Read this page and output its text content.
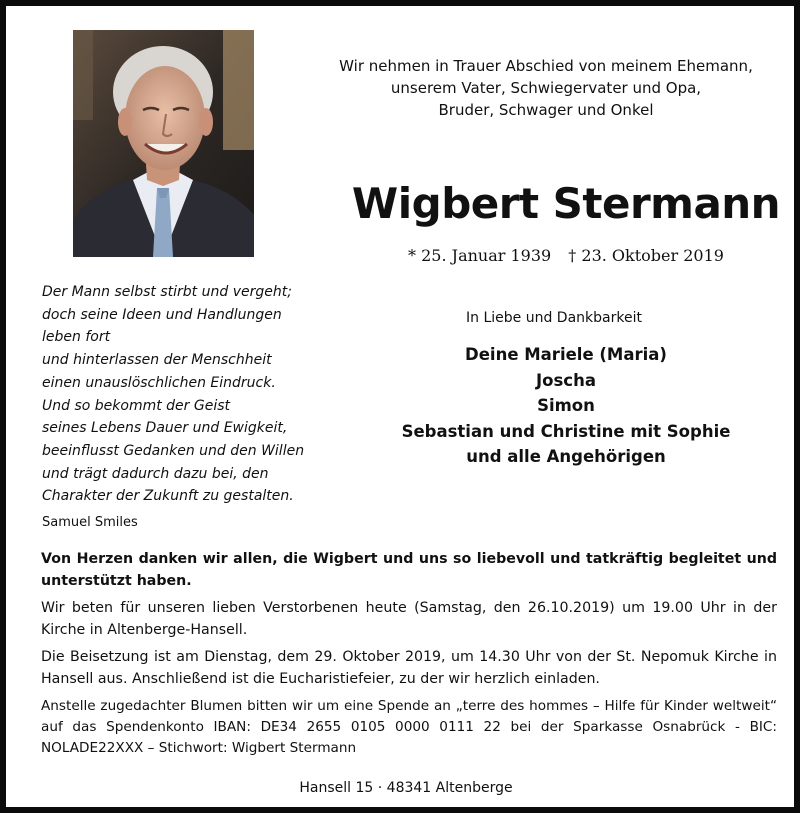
Wir nehmen in Trauer Abschied von meinem Ehemann,
unserem Vater, Schwiegervater und Opa,
Bruder, Schwager und Onkel
Wigbert Stermann
* 25. Januar 1939 † 23. Oktober 2019
Der Mann selbst stirbt und vergeht;
doch seine Ideen und Handlungen
leben fort
und hinterlassen der Menschheit
einen unauslöschlichen Eindruck.
Und so bekommt der Geist
seines Lebens Dauer und Ewigkeit,
beeinflusst Gedanken und den Willen
und trägt dadurch dazu bei, den
Charakter der Zukunft zu gestalten.
Samuel Smiles
In Liebe und Dankbarkeit
Deine Mariele (Maria)
Joscha
Simon
Sebastian und Christine mit Sophie
und alle Angehörigen

Von Herzen danken wir allen, die Wigbert und uns so liebevoll und tatkräftig begleitet und unterstützt haben.

Wir beten für unseren lieben Verstorbenen heute (Samstag, den 26.10.2019) um 19.00 Uhr in der Kirche in Altenberge-Hansell.

Die Beisetzung ist am Dienstag, dem 29. Oktober 2019, um 14.30 Uhr von der St. Nepomuk Kirche in Hansell aus. Anschließend ist die Eucharistiefeier, zu der wir herzlich einladen.

Anstelle zugedachter Blumen bitten wir um eine Spende an „terre des hommes – Hilfe für Kinder weltweit“ auf das Spendenkonto IBAN: DE34 2655 0105 0000 0111 22 bei der Sparkasse Osnabrück - BIC: NOLADE22XXX – Stichwort: Wigbert Stermann

Hansell 15 · 48341 Altenberge
